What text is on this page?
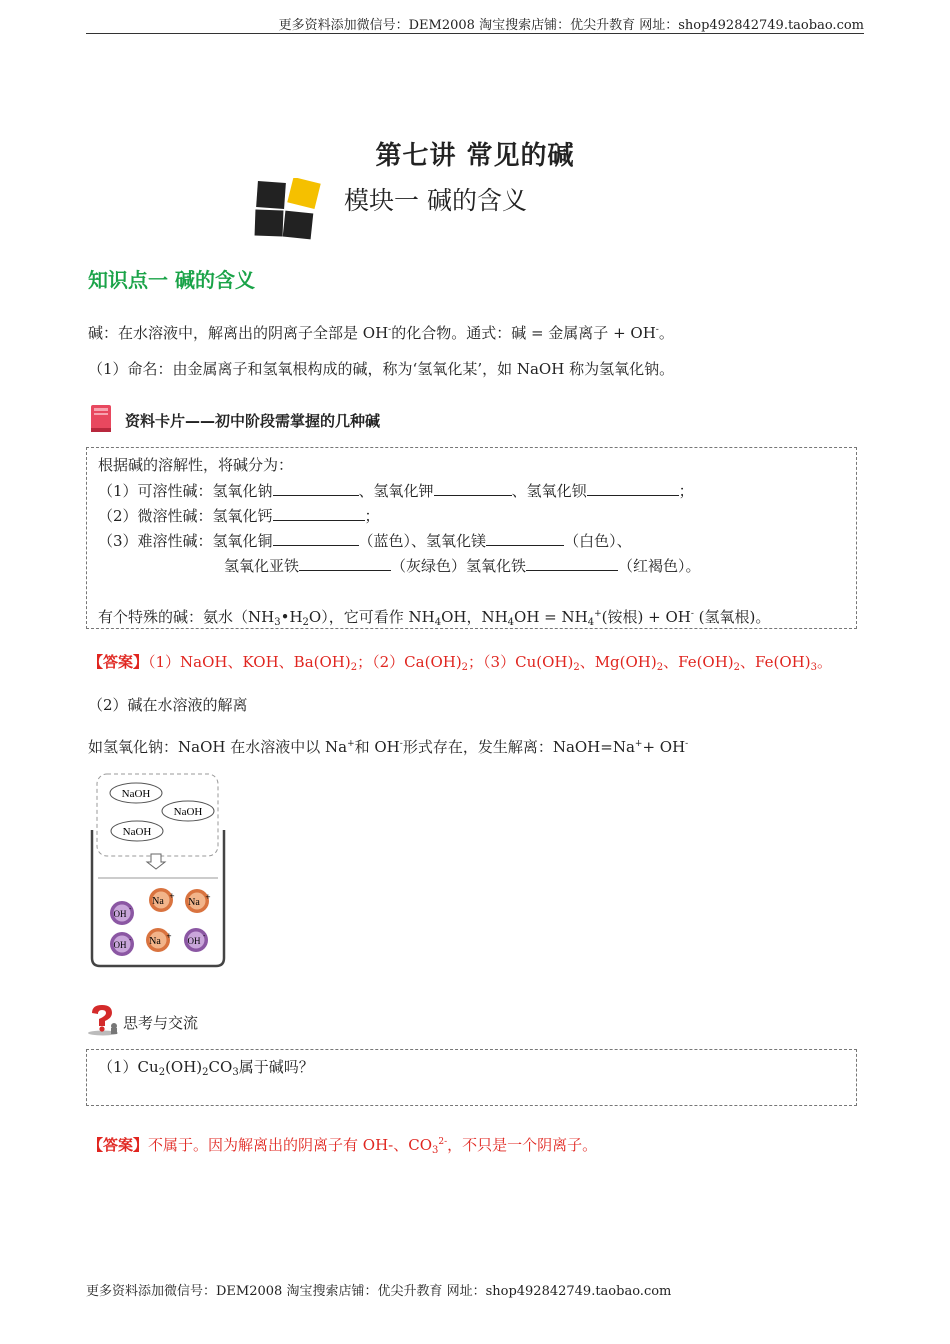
更多资料添加微信号：DEM2008 淘宝搜索店铺：优尖升教育 网址：shop492842749.taobao.com
第七讲 常见的碱
模块一 碱的含义
知识点一 碱的含义
碱：在水溶液中，解离出的阴离子全部是 OH-的化合物。通式：碱 = 金属离子 + OH-。
（1）命名：由金属离子和氢氧根构成的碱，称为‘氢氧化某’，如 NaOH 称为氢氧化钠。
资料卡片——初中阶段需掌握的几种碱
根据碱的溶解性，将碱分为：
（1）可溶性碱：氢氧化钠	、氢氧化钾	、氢氧化钡	；
（2）微溶性碱：氢氧化钙	；
（3）难溶性碱：氢氧化铜	（蓝色）、氢氧化镁	（白色）、
氢氧化亚铁	（灰绿色）氢氧化铁	（红褐色）。
有个特殊的碱：氨水$(NH_3•H_2O)$，它可看作 $NH_4OH$，$NH_4OH = NH_4^+$(铵根) + OH- (氢氧根)。
【答案】（1）NaOH、KOH、$Ba(OH)_2$；$(2)Ca(OH)_2$；$(3)Cu(OH)_2$、$Mg(OH)_2$、$Fe(OH)_2$、$Fe(OH)_3$。
（2）碱在水溶液的解离
如氢氧化钠：NaOH 在水溶液中以 Na+和 OH-形式存在，发生解离：NaOH=Na++ OH-
NaOH
NaOH
NaOH
Na +
Na +
OH -
Na + OH -
OH -
思考与交流
$(1)Cu_2(OH)_2CO_3$属于碱吗？
【答案】不属于。因为解离出的阴离子有 OH-、$CO_3^{2-}$，不只是一个阴离子。
更多资料添加微信号：DEM2008 淘宝搜索店铺：优尖升教育 网址：shop492842749.taobao.com
